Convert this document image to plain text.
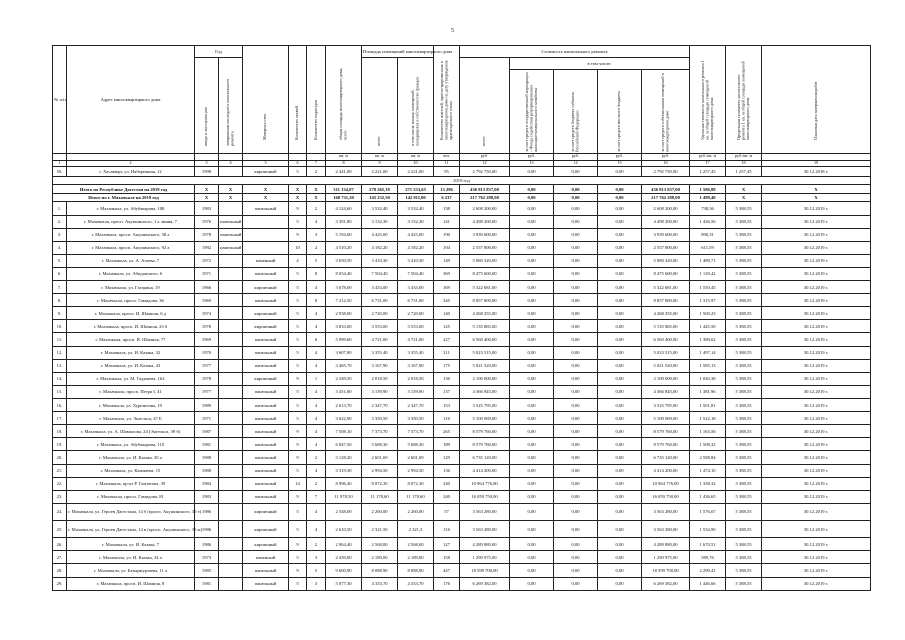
5
№ п/п	Адрес многоквартирного дома	Год		Материал стен	Количество этажей	Количество подъездов	общая площадь многоквартирного дома, всего	Площадь помещений многоквартирного дома		Количество жителей, зарегистрированных в многоквартирном доме на дату утверждения краткосрочного плана	Стоимость капитального ремонта					Удельная стоимость капитального ремонта 1 кв. м общей площади помещений многоквартирного дома	Предельная стоимость капитального ремонта 1 кв. м общей площади помещений многоквартирного дома	Плановая дата завершения работ

		ввода в эксплуатацию	завершения последнего капитального ремонта					всего	в том числе жилых помещений, находящихся в собственности граждан		всего	в том числе:						

												за счет средств государственной корпорации - Фонда содействия реформированию жилищно-коммунального хозяйства	за счет средств бюджета субъекта Российской Федерации	за счет средств местного бюджета	за счет средств собственников помещений в многоквартирном доме			

							кв. м	кв. м	кв. м	чел.	руб.	руб.	руб.	руб.	руб.	руб./кв. м	руб./кв. м	
1	2	3	4	5	6	7	8	9	10	11	12	13	14	15	16	17	18	19
50.	г. Хасавюрт, ул. Набережная, 12	1998		кирпичный	5	2	2 441,00	2 221,00	2 221,00	95	2 792 750,00	0,00	0,00	0,00	2 792 750,00	1 257,45	1 257,45	30.12.2018 г.
2019 год																		
Итого по Республике Дагестан на 2019 год		X	X	X	X	X	311 134,07	278 265,18	271 533,65	13 296	436 813 837,00	0,00	0,00	0,00	436 813 837,00	1 586,88	X	X
Итого по г. Махачкале на 2019 год		X	X	X	X	X	160 731,20	145 232,50	142 911,00	6 237	217 762 288,00	0,00	0,00	0,00	217 762 288,00	1 499,40	X	X
1.	г. Махачкала, ул. Абубакарова, 108	1983		панельный	9	2	4 124,60	3 532,40	3 532,40	138	2 608 200,00	0,00	0,00	0,00	2 608 200,00	738,36	5 388,55	30.12.2019 г.
2.	г. Махачкала, просп. Акушинского, 1 а линия, 7	1976	панельный		5	4	3 391,80	3 152,30	3 152,30	141	4 498 200,00	0,00	0,00	0,00	4 498 200,00	1 426,56	5 388,55	30.12.2019 г.
3.	г. Махачкала, просп. Акушинского, 38 а	1978	панельный		9	3	5 194,00	4 425,00	4 425,00	190	3 939 600,00	0,00	0,00	0,00	3 939 600,00	890,31	5 388,55	30.12.2019 г.
4.	г. Махачкала, просп. Акушинского, 92 а	1992	панельный		10	2	4 510,20	4 182,20	4 182,20	194	2 557 800,00	0,00	0,00	0,00	2 557 800,00	611,59	5 388,55	30.12.2019 г.
5.	г. Махачкала, ул. А. Агаева, 7	1972		каменный	4	5	3 650,50	3 410,30	3 410,30	149	5 080 320,00	0,00	0,00	0,00	5 080 320,00	1 489,71	5 388,55	30.12.2019 г.
6.	г. Махачкала, ул. Абидовского, 6	1971		панельный	5	8	8 054,40	7 504,40	7 504,40	369	8 475 600,00	0,00	0,00	0,00	8 475 600,00	1 129,42	5 388,55	30.12.2019 г.
7.	г. Махачкала, ул. Гагарина, 19	1966		кирпичный	5	4	3 678,00	3 433,00	3 433,00	169	5 322 681,00	0,00	0,00	0,00	5 322 681,00	1 550,45	5 388,55	30.12.2019 г.
8.	г. Махачкала, просп. Гамидова, 36	1969		панельный	5	8	7 212,50	6 731,00	6 731,00	345	8 857 800,00	0,00	0,00	0,00	8 857 800,00	1 315,97	5 388,55	30.12.2019 г.
9.	г. Махачкала, просп. И. Шамиля, 6 д	1974		кирпичный	5	4	2 938,00	2 720,00	2 720,00	140	4 268 355,00	0,00	0,00	0,00	4 268 355,00	1 569,25	5 388,55	30.12.2019 г.
10.	г. Махачкала, просп. И. Шамиля, 23 б	1978		кирпичный	5	4	3 833,00	3 553,00	3 553,00	125	5 135 865,00	0,00	0,00	0,00	5 135 865,00	1 445,50	5 388,55	30.12.2019 г.
11.	г. Махачкала, просп. И. Шамиля, 77	1969		панельный	5	6	5 099,60	4 721,00	4 721,00	227	6 560 400,00	0,00	0,00	0,00	6 560 400,00	1 389,62	5 388,55	30.12.2019 г.
12.	г. Махачкала, ул. И. Казака, 32	1970		панельный	5	4	3 607,80	3 355,40	3 355,40	211	5 023 515,00	0,00	0,00	0,00	5 023 515,00	1 497,14	5 388,55	30.12.2019 г.
13.	г. Махачкала, ул. И. Казака, 43	1977		панельный	5	4	3 465,70	3 167,90	3 167,90	175	5 021 520,00	0,00	0,00	0,00	5 021 520,00	1 585,13	5 388,55	30.12.2019 г.
14.	г. Махачкала, ул. М. Гаджиева, 162	1978		кирпичный	9	1	2 249,50	2 018,50	2 018,50	136	2 100 000,00	0,00	0,00	0,00	2 100 000,00	1 040,38	5 388,55	30.12.2019 г.
15.	г. Махачкала, просп. Петра I, 41	1977		панельный	5	4	3 451,00	3 159,90	3 159,90	137	4 366 845,00	0,00	0,00	0,00	4 366 845,00	1 381,96	5 388,55	30.12.2019 г.
16.	г. Махачкала, ул. Хуршилова, 19	1989		панельный	5	4	2 613,70	2 347,70	2 347,70	153	3 525 795,00	0,00	0,00	0,00	3 525 795,00	1 501,81	5 388,55	30.12.2019 г.
17.	г. Махачкала, ул. Энгельса, 47 Б	1971		панельный	5	4	3 622,90	3 350,50	3 350,50	116	5 100 069,00	0,00	0,00	0,00	5 100 069,00	1 522,18	5 388,55	30.12.2019 г.
18.	г. Махачкала, ул. А. Шамилова, 24 (Энгельса, 39 б)	1987		панельный	9	4	7 508,10	7 373,70	7 373,70	265	8 579 760,00	0,00	0,00	0,00	8 579 760,00	1 163,56	5 388,55	30.12.2019 г.
19.	г. Махачкала, ул. Абубакарова, 110	1981		панельный	9	4	6 847,50	5 688,30	5 688,30	189	8 579 760,00	0,00	0,00	0,00	8 579 760,00	1 508,32	5 388,55	30.12.2019 г.
20.	г. Махачкала, ул. И. Казака, 30 а	1988		панельный	9	2	3 128,20	2 601,69	2 601,69	129	6 735 120,00	0,00	0,00	0,00	6 735 120,00	2 588,84	5 388,55	30.12.2019 г.
21.	г. Махачкала, ул. Каммаева, 15	1988		панельный	5	4	3 319,30	2 994,50	2 994,50	136	4 414 200,00	0,00	0,00	0,00	4 414 200,00	1 474,10	5 388,55	30.12.2019 г.
22.	г. Махачкала, пр-кт Р. Гамзатова, 39	1984		панельный	14	2	8 996,40	8 072,30	8 072,30	240	10 964 776,00	0,00	0,00	0,00	10 964 776,00	1 358,32	5 388,55	30.12.2019 г.
23.	г. Махачкала, просп. Гамидова, 81	1983		панельный	9	7	11 978,50	11 178,60	11 178,60	240	16 059 750,00	0,00	0,00	0,00	16 059 750,00	1 436,65	5 388,55	30.12.2019 г.
24.	г. Махачкала, ул. Героев Дагестана, 14 б (просп. Акушинского, 30 е)	1986		кирпичный	5	4	2 548,00	2 260,00	2 260,00	57	3 563 280,00	0,00	0,00	0,00	3 563 280,00	1 576,67	5 388,55	30.12.2019 г.
25.	г. Махачкала, ул. Героев Дагестана, 14 в (просп. Акушинского, 30 ж)	1986		кирпичный	5	4	2 610,50	2 321,50	2 321,5	116	3 563 280,00	0,00	0,00	0,00	3 563 280,00	1 534,90	5 388,55	30.12.2019 г.
26.	г. Махачкала, ул. И. Казака, 7	1986		кирпичный	9	2	2 964,40	2 568,00	2 568,00	127	4 289 880,00	0,00	0,00	0,00	4 289 880,00	1 670,51	5 388,55	30.12.2019 г.
27.	г. Махачкала, ул. И. Казака, 34 а	1973		каменный	5	3	2 439,00	2 189,00	2 189,00	158	1 290 975,00	0,00	0,00	0,00	1 290 975,00	589,76	5 388,55	30.12.2019 г.
28.	г. Махачкала, ул. Батырмурзаева, 11 а	1985		панельный	9	5	9 600,90	8 088,90	8 088,90	447	18 599 700,00	0,00	0,00	0,00	18 599 700,00	2 299,41	5 388,55	30.12.2019 г.
29.	г. Махачкала, просп. И. Шамиля, 8	1981		панельный	5	3	5 077,30	4 333,70	4 333,70	176	6 269 382,00	0,00	0,00	0,00	6 269 382,00	1 446,66	5 388,55	30.12.2019 г.
